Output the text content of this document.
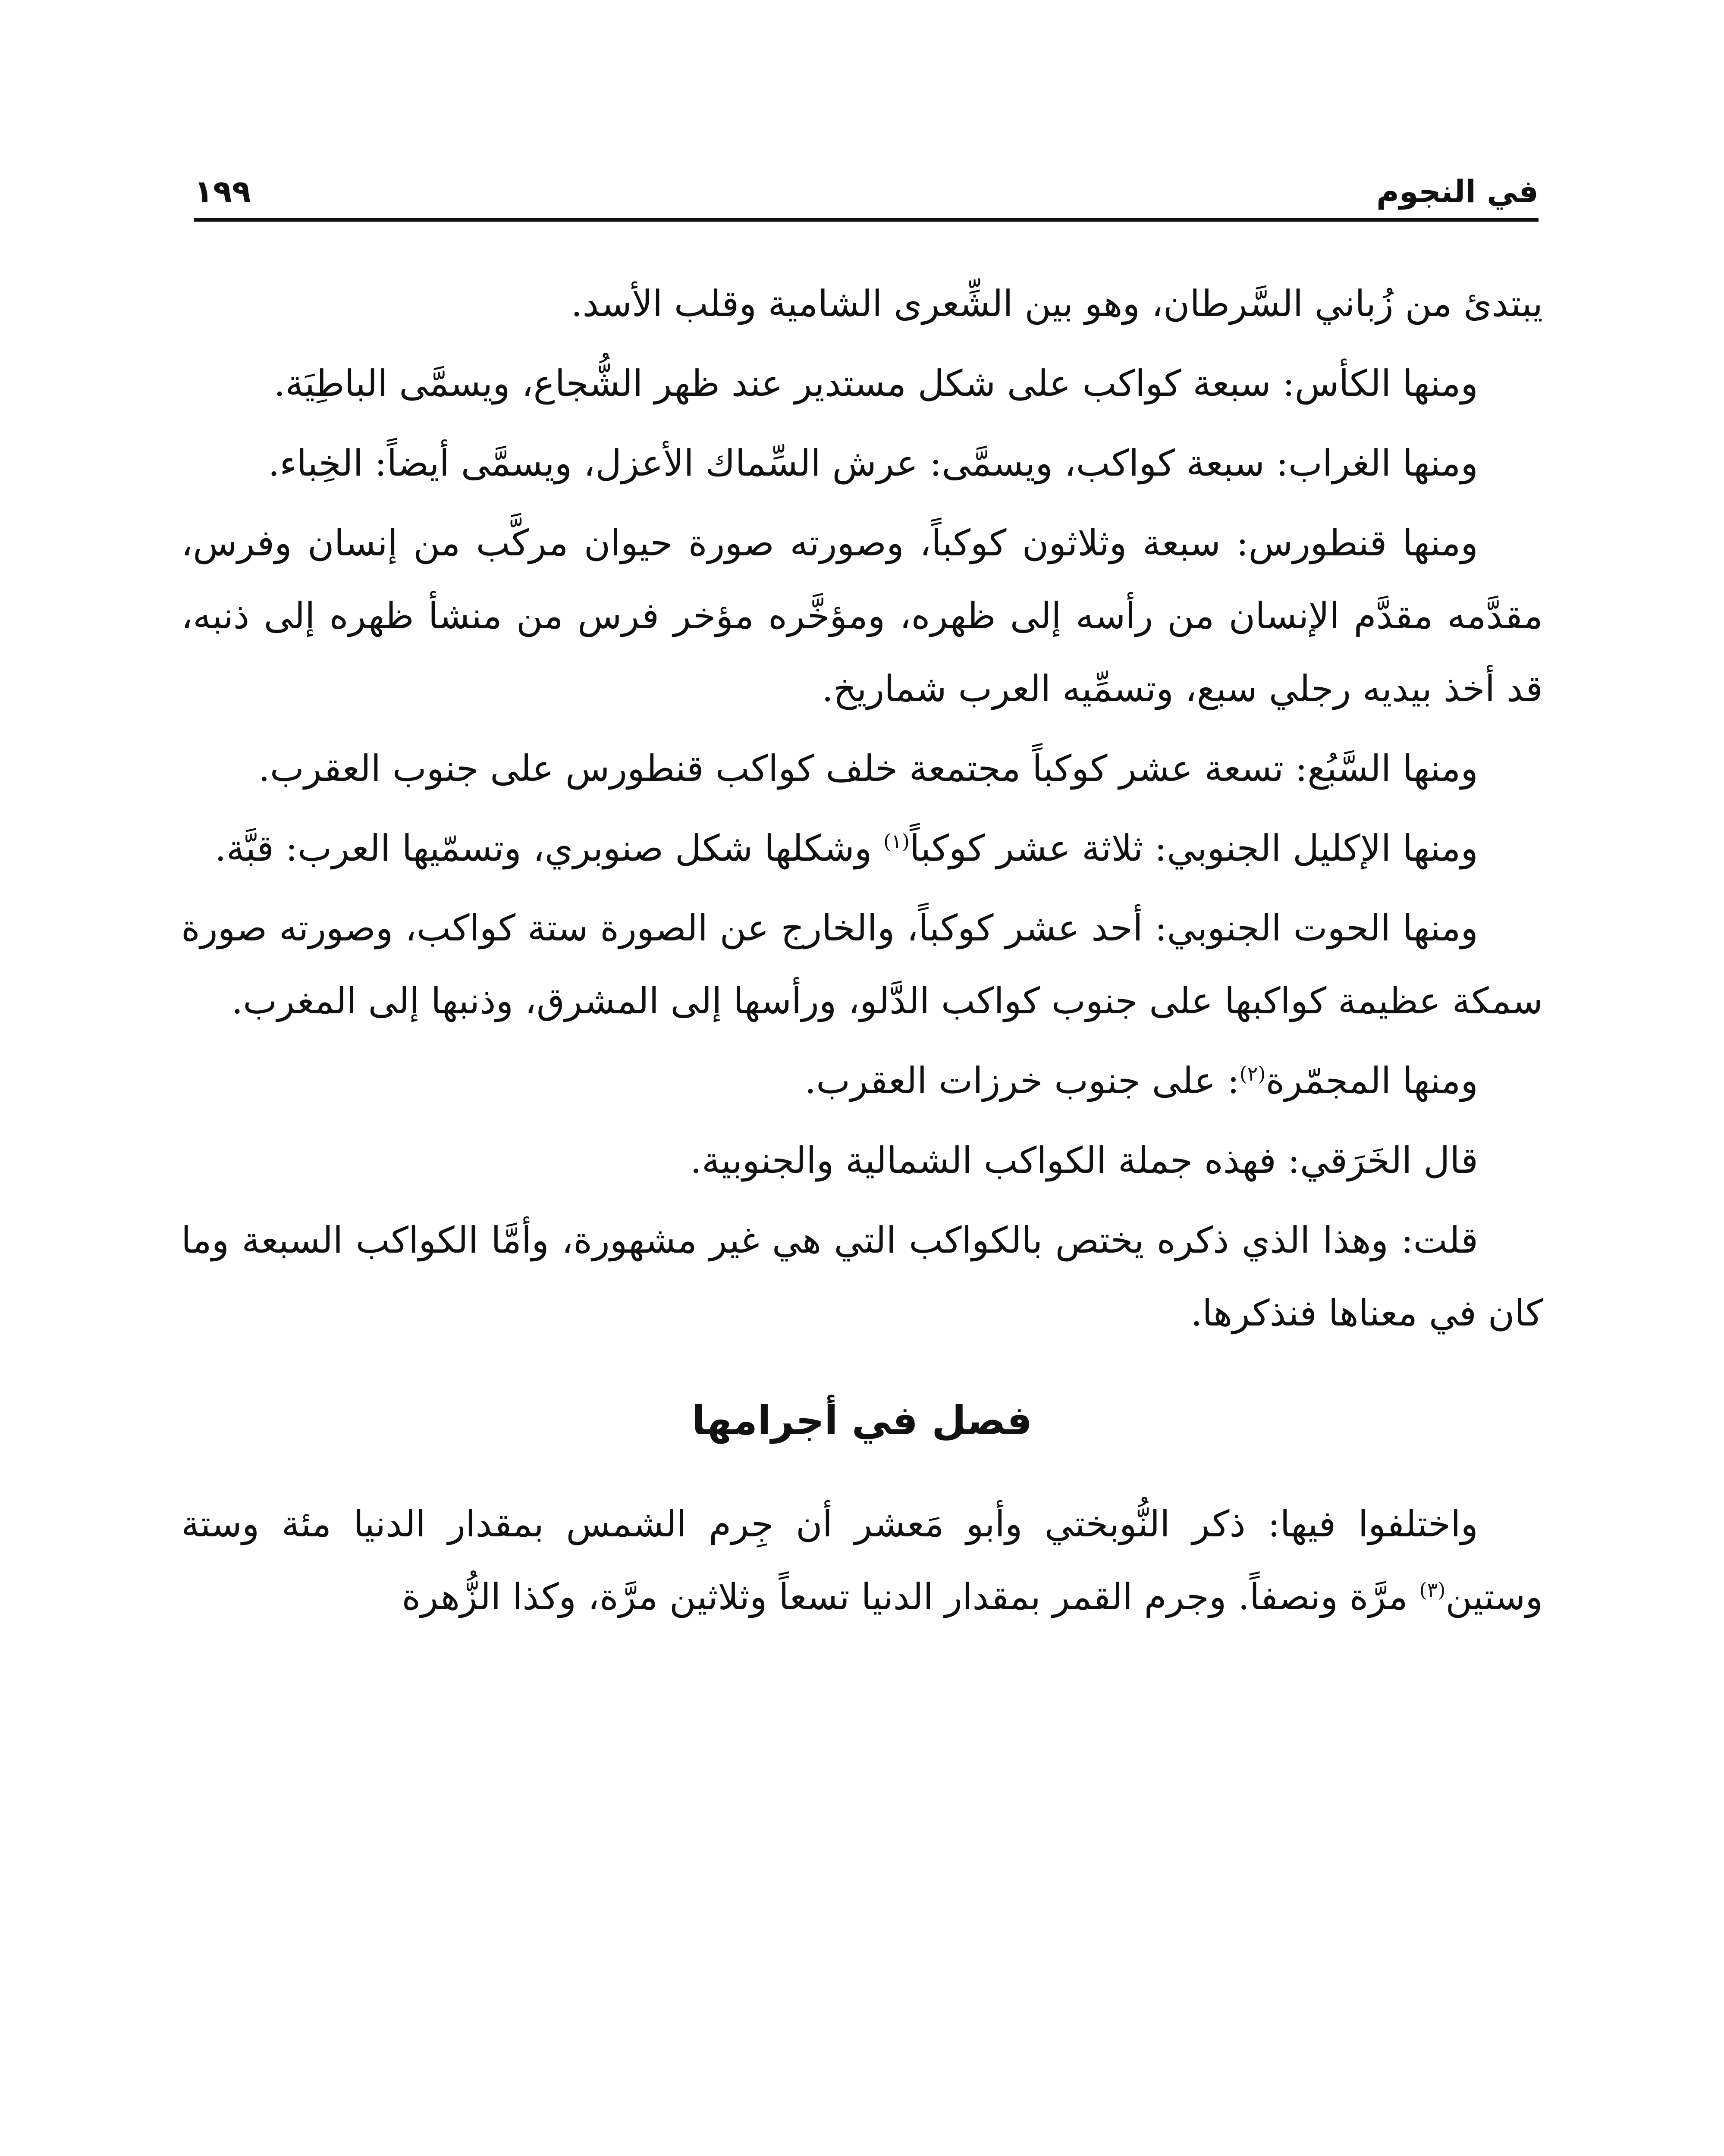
في النجوم
١٩٩

يبتدئ من زُباني السَّرطان، وهو بين الشِّعرى الشامية وقلب الأسد.

ومنها الكأس: سبعة كواكب على شكل مستدير عند ظهر الشُّجاع، ويسمَّى الباطِيَة.

ومنها الغراب: سبعة كواكب، ويسمَّى: عرش السِّماك الأعزل، ويسمَّى أيضاً: الخِباء.

ومنها قنطورس: سبعة وثلاثون كوكباً، وصورته صورة حيوان مركَّب من إنسان وفرس، مقدَّمه مقدَّم الإنسان من رأسه إلى ظهره، ومؤخَّره مؤخر فرس من منشأ ظهره إلى ذنبه، قد أخذ بيديه رجلي سبع، وتسمِّيه العرب شماريخ.

ومنها السَّبُع: تسعة عشر كوكباً مجتمعة خلف كواكب قنطورس على جنوب العقرب.

ومنها الإكليل الجنوبي: ثلاثة عشر كوكباً$^{(١)}$ وشكلها شكل صنوبري، وتسمّيها العرب: قبَّة.

ومنها الحوت الجنوبي: أحد عشر كوكباً، والخارج عن الصورة ستة كواكب، وصورته صورة سمكة عظيمة كواكبها على جنوب كواكب الدَّلو، ورأسها إلى المشرق، وذنبها إلى المغرب.

ومنها المجمّرة$^{(٢)}$: على جنوب خرزات العقرب.

قال الخَرَقي: فهذه جملة الكواكب الشمالية والجنوبية.

قلت: وهذا الذي ذكره يختص بالكواكب التي هي غير مشهورة، وأمَّا الكواكب السبعة وما كان في معناها فنذكرها.

فصل في أجرامها

واختلفوا فيها: ذكر النُّوبختي وأبو مَعشر أن جِرم الشمس بمقدار الدنيا مئة وستة وستين$^{(٣)}$ مرَّة ونصفاً. وجرم القمر بمقدار الدنيا تسعاً وثلاثين مرَّة، وكذا الزُّهرة
